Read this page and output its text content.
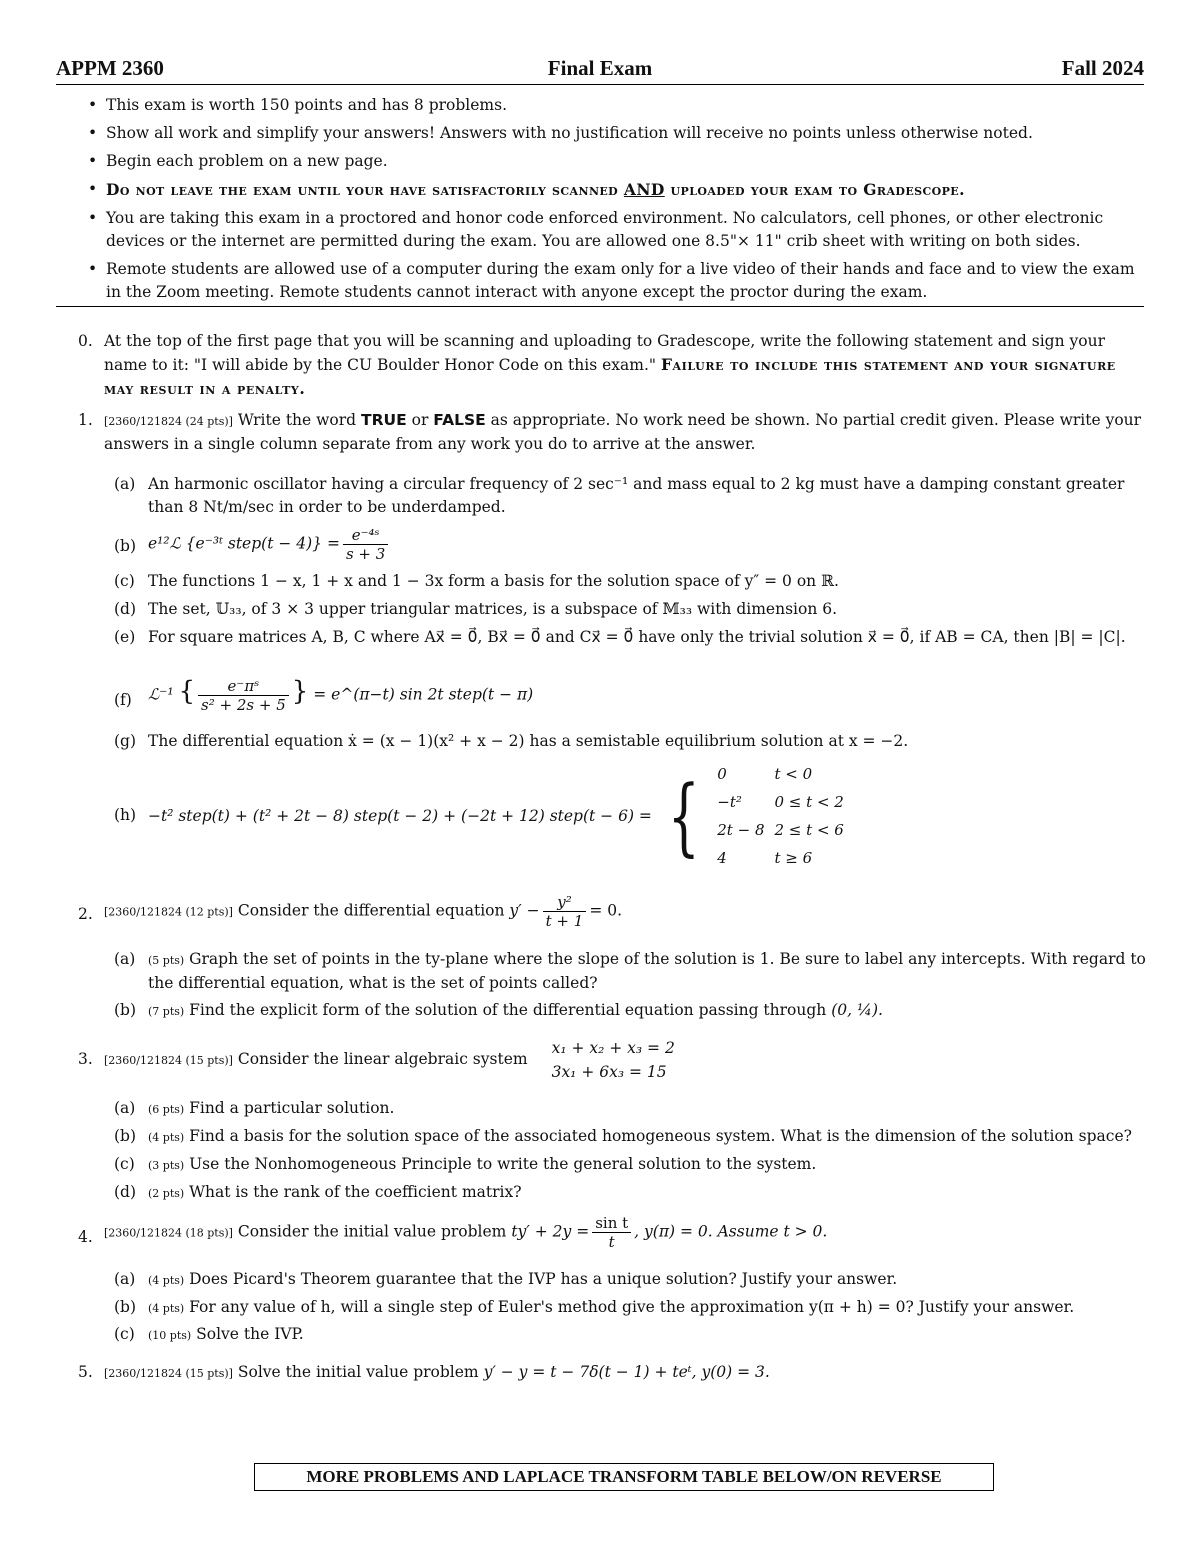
Final Exam
APPM 2360	Fall 2024
• This exam is worth 150 points and has 8 problems.
• Show all work and simplify your answers! Answers with no justification will receive no points unless otherwise noted.
• Begin each problem on a new page.
• Do not leave the exam until your have satisfactorily scanned AND uploaded your exam to Gradescope.
• You are taking this exam in a proctored and honor code enforced environment. No calculators, cell phones, or other electronic devices or the internet are permitted during the exam. You are allowed one 8.5"× 11" crib sheet with writing on both sides.
• Remote students are allowed use of a computer during the exam only for a live video of their hands and face and to view the exam in the Zoom meeting. Remote students cannot interact with anyone except the proctor during the exam.
0. At the top of the first page that you will be scanning and uploading to Gradescope, write the following statement and sign your name to it: "I will abide by the CU Boulder Honor Code on this exam." Failure to include this statement and your signature may result in a penalty.
1.	[2360/121824 (24 pts)] Write the word TRUE or FALSE as appropriate. No work need be shown. No partial credit given. Please write your answers in a single column separate from any work you do to arrive at the answer.
(a) An harmonic oscillator having a circular frequency of 2 sec⁻¹ and mass equal to 2 kg must have a damping constant greater than 8 Nt/m/sec in order to be underdamped.
(b) e¹²ℒ {e⁻³ᵗ step(t − $4)\} = \frac{\text{e⁻⁴ˢ}}{s + 3}$
(c) The functions 1 − x, 1 + x and 1 − 3x form a basis for the solution space of y″ = 0 on ℝ.
(d) The set, 𝕌₃₃, of 3 × 3 upper triangular matrices, is a subspace of 𝕄₃₃ with dimension 6.
(e) For square matrices A, B, C where Ax⃗ = 0⃗, Bx⃗ = 0⃗ and Cx⃗ = 0⃗ have only the trivial solution x⃗ = 0⃗, if AB = CA, then |B| = |C|.
(f)	ℒ⁻¹ { $\frac{\text{e⁻πˢ}}{\text{s² + 2s + 5}}$ } = e^(π−t) sin 2t step(t − π)
(g) The differential equation ẋ = (x − 1)(x² + x − 2) has a semistable equilibrium solution at x = −2.
(h) −t² step(t) + (t² + 2t − 8) step(t − 2) + (−2t + 12) step(t − 6) = { 0	t < 0
−t²	0 ≤ t < 2
2t − 8	2 ≤ t < 6
4	t ≥ 6
2.	[2360/121824 (12 pts)] Consider the differential equation $y' - \frac{\text{y²}}{t + 1} = 0$.
(a)	(5 pts) Graph the set of points in the ty-plane where the slope of the solution is 1. Be sure to label any intercepts. With regard to the differential equation, what is the set of points called?
(b)	(7 pts) Find the explicit form of the solution of the differential equation passing through (0, ¼).
3.	[2360/121824 (15 pts)] Consider the linear algebraic system
x₁ + x₂ + x₃ = 2
3x₁ + 6x₃ = 15
(a)	(6 pts) Find a particular solution.
(b)	(4 pts) Find a basis for the solution space of the associated homogeneous system. What is the dimension of the solution space?
(c)	(3 pts) Use the Nonhomogeneous Principle to write the general solution to the system.
(d)	(2 pts) What is the rank of the coefficient matrix?
4.	[2360/121824 (18 pts)] Consider the initial value problem $ty' + 2y = \frac{\text{sin t}}{t}$ , y(π) = 0. Assume t > 0.
(a)	(4 pts) Does Picard's Theorem guarantee that the IVP has a unique solution? Justify your answer.
(b)	(4 pts) For any value of h, will a single step of Euler's method give the approximation y(π + h) = 0? Justify your answer.
(c)	(10 pts) Solve the IVP.
5.	[2360/121824 (15 pts)] Solve the initial value problem y′ − y = t − 7δ(t − 1) + teᵗ, y(0) = 3.
MORE PROBLEMS AND LAPLACE TRANSFORM TABLE BELOW/ON REVERSE
